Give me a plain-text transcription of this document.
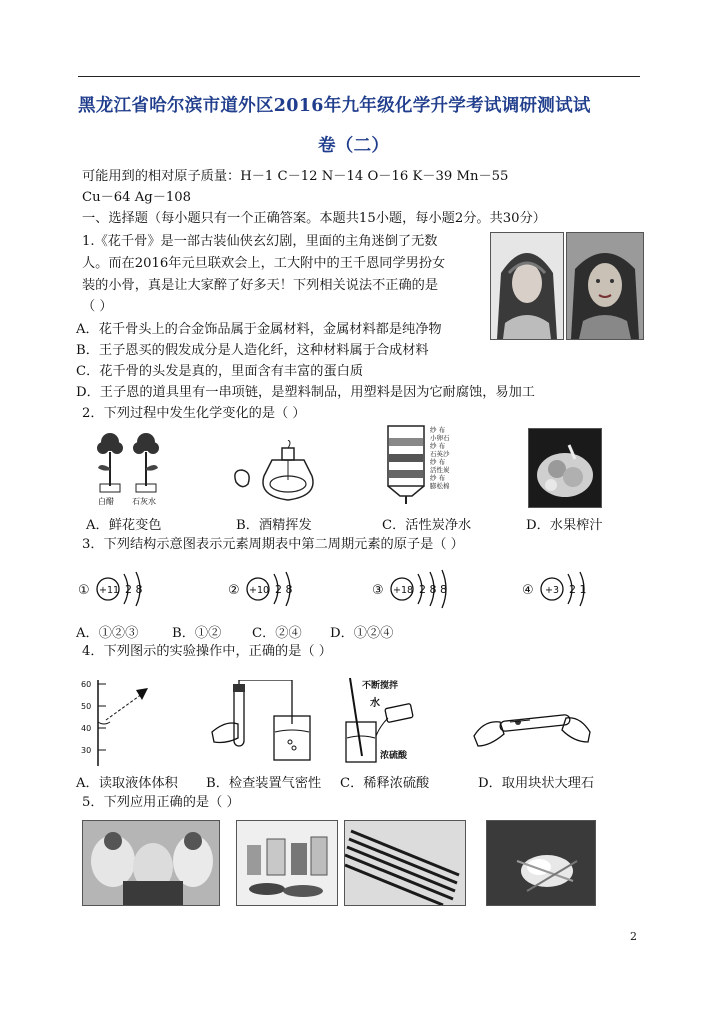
黑龙江省哈尔滨市道外区2016年九年级化学升学考试调研测试试
卷（二）
可能用到的相对原子质量：H－1 C－12 N－14 O－16 K－39 Mn－55
Cu－64 Ag－108
一、选择题（每小题只有一个正确答案。本题共15小题，每小题2分。共30分）
1.《花千骨》是一部古装仙侠玄幻剧，里面的主角迷倒了无数
人。而在2016年元旦联欢会上，工大附中的王千恩同学男扮女
装的小骨，真是让大家醉了好多天！下列相关说法不正确的是
（ ）
A．花千骨头上的合金饰品属于金属材料，金属材料都是纯净物
B．王子恩买的假发成分是人造化纤，这种材料属于合成材料
C．花千骨的头发是真的，里面含有丰富的蛋白质
D．王子恩的道具里有一串项链，是塑料制品，用塑料是因为它耐腐蚀，易加工
2．下列过程中发生化学变化的是（ ）
白醋 石灰水
纱 布
小卵石
纱 布
石英沙
纱 布
活性炭
纱 布
膨松棉
A．鲜花变色	B．酒精挥发	C．活性炭净水	D．水果榨汁
3．下列结构示意图表示元素周期表中第二周期元素的原子是（ ）
① +11 2 8	② +10 2 8	③ +18 2 8 8	④ +3 2 1
A．①②③	B．①② C．②④ D．①②④
4．下列图示的实验操作中，正确的是（ ）
60
50
40
30
不断搅拌
水
浓硫酸
A．读取液体体积 B．检查装置气密性 C．稀释浓硫酸	D．取用块状大理石
5．下列应用正确的是（ ）
2
